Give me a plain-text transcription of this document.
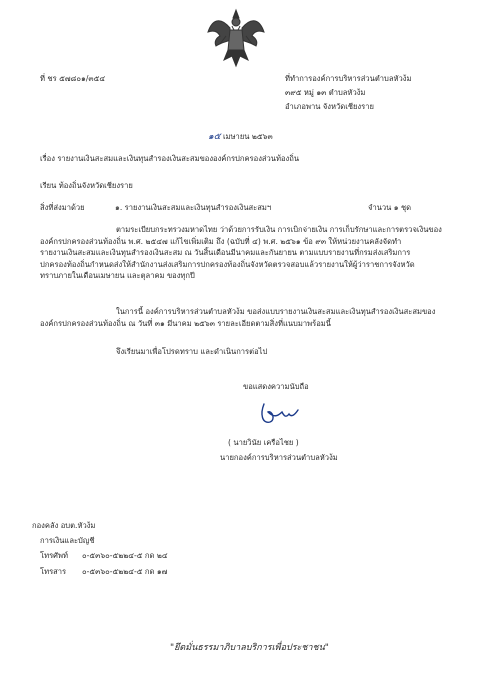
ที่ ชร ๕๗๘๐๑/๓๕๔	ที่ทำการองค์การบริหารส่วนตำบลหัวง้ม
๓๙๕ หมู่ ๑๓ ตำบลหัวง้ม
อำเภอพาน จังหวัดเชียงราย
๑๕ เมษายน ๒๕๖๓
เรื่อง รายงานเงินสะสมและเงินทุนสำรองเงินสะสมขององค์กรปกครองส่วนท้องถิ่น
เรียน ท้องถิ่นจังหวัดเชียงราย
สิ่งที่ส่งมาด้วย	๑. รายงานเงินสะสมและเงินทุนสำรองเงินสะสมฯ	จำนวน ๑ ชุด
ตามระเบียบกระทรวงมหาดไทย ว่าด้วยการรับเงิน การเบิกจ่ายเงิน การเก็บรักษาและการตรวจเงินของ
องค์กรปกครองส่วนท้องถิ่น พ.ศ. ๒๕๔๗ แก้ไขเพิ่มเติม ถึง (ฉบับที่ ๔) พ.ศ. ๒๕๖๑ ข้อ ๙๓ ให้หน่วยงานคลังจัดทำ
รายงานเงินสะสมและเงินทุนสำรองเงินสะสม ณ วันสิ้นเดือนมีนาคมและกันยายน ตามแบบรายงานที่กรมส่งเสริมการ
ปกครองท้องถิ่นกำหนดส่งให้สำนักงานส่งเสริมการปกครองท้องถิ่นจังหวัดตรวจสอบแล้วรายงานให้ผู้ว่าราชการจังหวัด
ทราบภายในเดือนเมษายน และตุลาคม ของทุกปี
ในการนี้ องค์การบริหารส่วนตำบลหัวง้ม ขอส่งแบบรายงานเงินสะสมและเงินทุนสำรองเงินสะสมของ
องค์กรปกครองส่วนท้องถิ่น ณ วันที่ ๓๑ มีนาคม ๒๕๖๓ รายละเอียดตามสิ่งที่แนบมาพร้อมนี้
จึงเรียนมาเพื่อโปรดทราบ และดำเนินการต่อไป
ขอแสดงความนับถือ
( นายวินัย เครือไชย )
นายกองค์การบริหารส่วนตำบลหัวง้ม
กองคลัง อบต.หัวง้ม
การเงินและบัญชี
โทรศัพท์ ๐-๕๓๖๐-๕๒๒๔-๕ กด ๒๔
โทรสาร ๐-๕๓๖๐-๕๒๒๔-๕ กด ๑๗
"ยึดมั่นธรรมาภิบาลบริการเพื่อประชาชน"
